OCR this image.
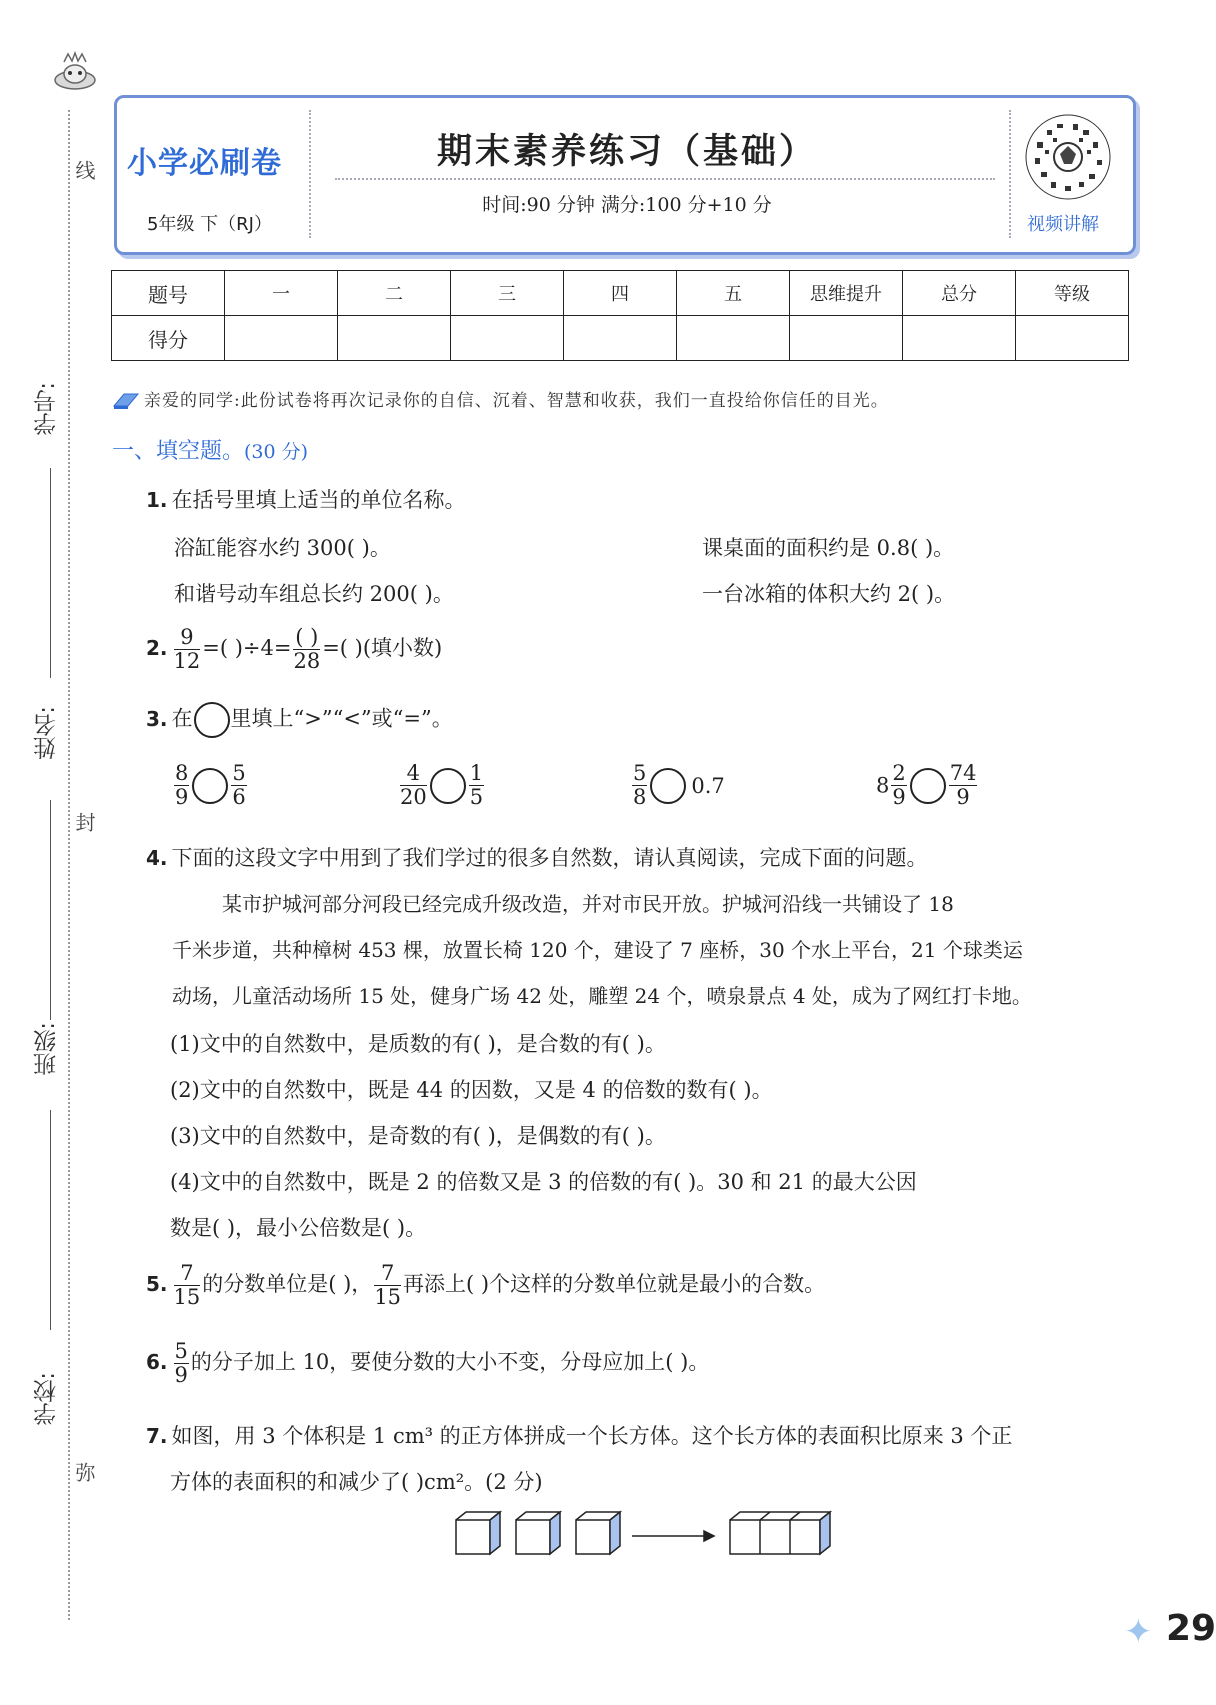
线
封
弥
学号:
姓名:
班级:
学校:
小学必刷卷
5年级 下（RJ）
期末素养练习（基础）
时间:90 分钟 满分:100 分+10 分
视频讲解
题号	一	二	三	四	五	思维提升	总分	等级
得分								
亲爱的同学:此份试卷将再次记录你的自信、沉着、智慧和收获，我们一直投给你信任的目光。
一、填空题。(30 分)
1. 在括号里填上适当的单位名称。
浴缸能容水约 300( )。	课桌面的面积约是 0.8( )。
和谐号动车组总长约 200( )。	一台冰箱的体积大约 2( )。
2. $\frac{9}{12}$ =( )$\div 4= \frac{( )}{28}$ =( )(填小数)
3. 在 里填上“>”“<”或“=”。
$\frac{8}{9} \frac{5}{6}$	$\frac{4}{20} \frac{1}{5}$	$\frac{5}{8} 0.7$	$8 \frac{2}{9} \frac{74}{9}$
4. 下面的这段文字中用到了我们学过的很多自然数，请认真阅读，完成下面的问题。
某市护城河部分河段已经完成升级改造，并对市民开放。护城河沿线一共铺设了 18
千米步道，共种樟树 453 棵，放置长椅 120 个，建设了 7 座桥，30 个水上平台，21 个球类运
动场，儿童活动场所 15 处，健身广场 42 处，雕塑 24 个，喷泉景点 4 处，成为了网红打卡地。
(1)文中的自然数中，是质数的有( )，是合数的有( )。
(2)文中的自然数中，既是 44 的因数，又是 4 的倍数的数有( )。
(3)文中的自然数中，是奇数的有( )，是偶数的有( )。
(4)文中的自然数中，既是 2 的倍数又是 3 的倍数的有( )。30 和 21 的最大公因
数是( )，最小公倍数是( )。
5. $\frac{7}{15}$ 的分数单位是( )， $\frac{7}{15}$ 再添上( )个这样的分数单位就是最小的合数。
6. $\frac{5}{9}$ 的分子加上 10，要使分数的大小不变，分母应加上( )。
7. 如图，用 3 个体积是 1 cm³ 的正方体拼成一个长方体。这个长方体的表面积比原来 3 个正
方体的表面积的和减少了( )cm²。(2 分)
✦ 29
